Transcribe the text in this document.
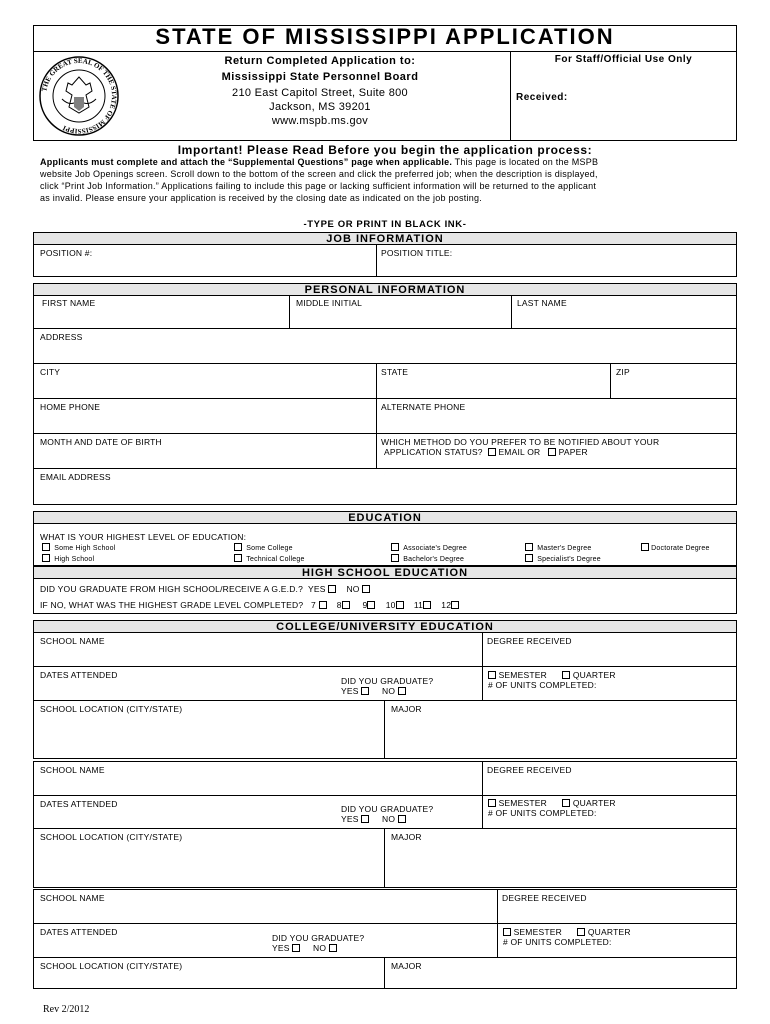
STATE OF MISSISSIPPI APPLICATION
THE GREAT SEAL OF THE STATE OF MISSISSIPPI
Return Completed Application to:
Mississippi State Personnel Board
210 East Capitol Street, Suite 800
Jackson, MS 39201
www.mspb.ms.gov
For Staff/Official Use Only
Received:
Important! Please Read Before you begin the application process:
Applicants must complete and attach the “Supplemental Questions” page when applicable. This page is located on the MSPB
website Job Openings screen. Scroll down to the bottom of the screen and click the preferred job; when the description is displayed,
click “Print Job Information.” Applications failing to include this page or lacking sufficient information will be returned to the applicant
as invalid. Please ensure your application is received by the closing date as indicated on the job posting.
-TYPE OR PRINT IN BLACK INK-
JOB INFORMATION
POSITION #:	POSITION TITLE:
PERSONAL INFORMATION
FIRST NAME	MIDDLE INITIAL	LAST NAME
ADDRESS
CITY	STATE	ZIP
HOME PHONE	ALTERNATE PHONE
MONTH AND DATE OF BIRTH	WHICH METHOD DO YOU PREFER TO BE NOTIFIED ABOUT YOUR
APPLICATION STATUS? EMAIL OR PAPER
EMAIL ADDRESS
EDUCATION
WHAT IS YOUR HIGHEST LEVEL OF EDUCATION:
Some High School
High School
Some College
Technical College
Associate's Degree
Bachelor's Degree
Master's Degree
Specialist's Degree
Doctorate Degree
HIGH SCHOOL EDUCATION
DID YOU GRADUATE FROM HIGH SCHOOL/RECEIVE A G.E.D.? YES NO
IF NO, WHAT WAS THE HIGHEST GRADE LEVEL COMPLETED? 7 8 9 10 11 12
COLLEGE/UNIVERSITY EDUCATION
SCHOOL NAME	DEGREE RECEIVED
DATES ATTENDED
DID YOU GRADUATE?
YES	NO
SEMESTER	QUARTER
# OF UNITS COMPLETED:
SCHOOL LOCATION (CITY/STATE)	MAJOR
SCHOOL NAME	DEGREE RECEIVED
DATES ATTENDED	DID YOU GRADUATE?
YES	NO
SEMESTER	QUARTER
# OF UNITS COMPLETED:
SCHOOL LOCATION (CITY/STATE)	MAJOR
SCHOOL NAME	DEGREE RECEIVED
DATES ATTENDED
DID YOU GRADUATE?
YES	NO
SEMESTER	QUARTER
# OF UNITS COMPLETED:
SCHOOL LOCATION (CITY/STATE)	MAJOR
Rev 2/2012
